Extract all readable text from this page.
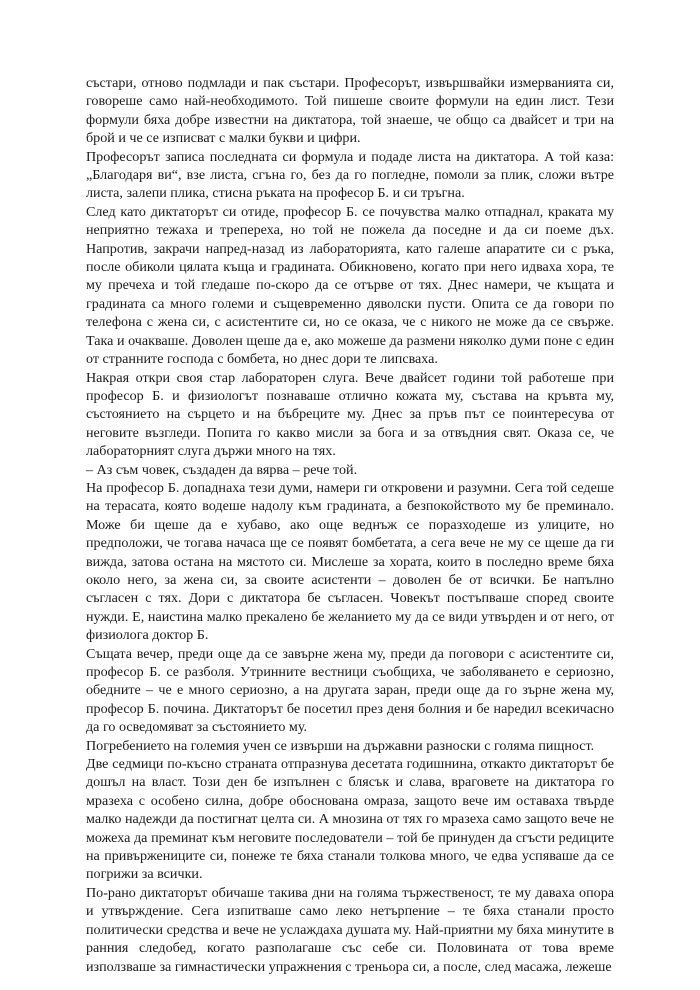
състари, отново подмлади и пак състари. Професорът, извършвайки измерванията си, говореше само най-необходимото. Той пишеше своите формули на един лист. Тези формули бяха добре известни на диктатора, той знаеше, че общо са двайсет и три на брой и че се изписват с малки букви и цифри.

Професорът записа последната си формула и подаде листа на диктатора. А той каза: „Благодаря ви“, взе листа, сгъна го, без да го погледне, помоли за плик, сложи вътре листа, залепи плика, стисна ръката на професор Б. и си тръгна.

След като диктаторът си отиде, професор Б. се почувства малко отпаднал, краката му неприятно тежаха и трепереха, но той не пожела да поседне и да си поеме дъх. Напротив, закрачи напред-назад из лабораторията, като галеше апаратите си с ръка, после обиколи цялата къща и градината. Обикновено, когато при него идваха хора, те му пречеха и той гледаше по-скоро да се отърве от тях. Днес намери, че къщата и градината са много големи и същевременно дяволски пусти. Опита се да говори по телефона с жена си, с асистентите си, но се оказа, че с никого не може да се свърже. Така и очакваше. Доволен щеше да е, ако можеше да размени няколко думи поне с един от странните господа с бомбета, но днес дори те липсваха.

Накрая откри своя стар лабораторен слуга. Вече двайсет години той работеше при професор Б. и физиологът познаваше отлично кожата му, състава на кръвта му, състоянието на сърцето и на бъбреците му. Днес за пръв път се поинтересува от неговите възгледи. Попита го какво мисли за бога и за отвъдния свят. Оказа се, че лабораторният слуга държи много на тях.

– Аз съм човек, създаден да вярва – рече той.

На професор Б. допаднаха тези думи, намери ги откровени и разумни. Сега той седеше на терасата, която водеше надолу към градината, а безпокойството му бе преминало. Може би щеше да е хубаво, ако още веднъж се поразходеше из улиците, но предположи, че тогава начаса ще се появят бомбетата, а сега вече не му се щеше да ги вижда, затова остана на мястото си. Мислеше за хората, които в последно време бяха около него, за жена си, за своите асистенти – доволен бе от всички. Бе напълно съгласен с тях. Дори с диктатора бе съгласен. Човекът постъпваше според своите нужди. Е, наистина малко прекалено бе желанието му да се види утвърден и от него, от физиолога доктор Б.

Същата вечер, преди още да се завърне жена му, преди да поговори с асистентите си, професор Б. се разболя. Утринните вестници съобщиха, че заболяването е сериозно, обедните – че е много сериозно, а на другата заран, преди още да го зърне жена му, професор Б. почина. Диктаторът бе посетил през деня болния и бе наредил всекичасно да го осведомяват за състоянието му.

Погребението на големия учен се извърши на държавни разноски с голяма пищност.

Две седмици по-късно страната отпразнува десетата годишнина, откакто диктаторът бе дошъл на власт. Този ден бе изпълнен с блясък и слава, враговете на диктатора го мразеха с особено силна, добре обоснована омраза, защото вече им оставаха твърде малко надежди да постигнат целта си. А мнозина от тях го мразеха само защото вече не можеха да преминат към неговите последователи – той бе принуден да сгъсти редиците на привържениците си, понеже те бяха станали толкова много, че едва успяваше да се погрижи за всички.

По-рано диктаторът обичаше такива дни на голяма тържественост, те му даваха опора и утвърждение. Сега изпитваше само леко нетърпение – те бяха станали просто политически средства и вече не услаждаха душата му. Най-приятни му бяха минутите в ранния следобед, когато разполагаше със себе си. Половината от това време използваше за гимнастически упражнения с треньора си, а после, след масажа, лежеше
